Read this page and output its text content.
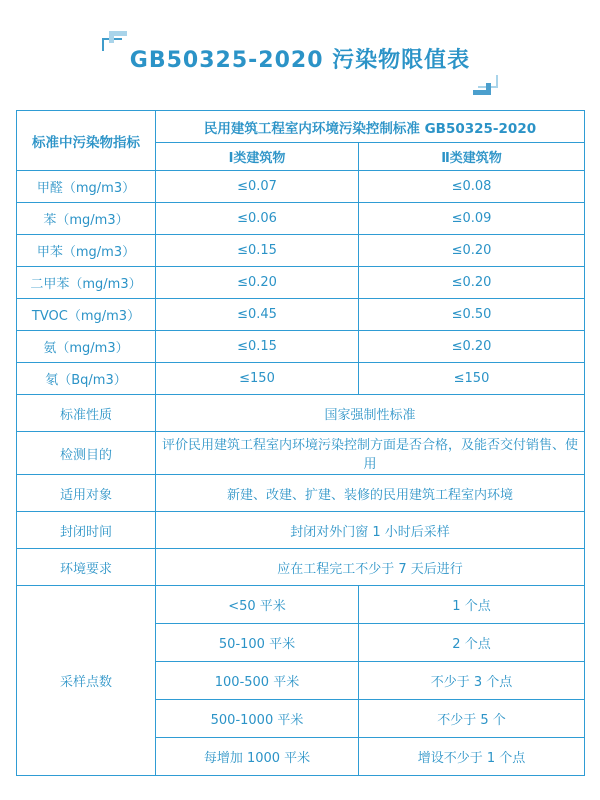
GB50325-2020 污染物限值表
标准中污染物指标	民用建筑工程室内环境污染控制标准 GB50325-2020	
	Ⅰ类建筑物	Ⅱ类建筑物
甲醛（mg/m3）	≤0.07	≤0.08
苯（mg/m3）	≤0.06	≤0.09
甲苯（mg/m3）	≤0.15	≤0.20
二甲苯（mg/m3）	≤0.20	≤0.20
TVOC（mg/m3）	≤0.45	≤0.50
氨（mg/m3）	≤0.15	≤0.20
氡（Bq/m3）	≤150	≤150
标准性质	国家强制性标准	
检测目的	评价民用建筑工程室内环境污染控制方面是否合格，及能否交付销售、使用	
适用对象	新建、改建、扩建、装修的民用建筑工程室内环境	
封闭时间	封闭对外门窗 1 小时后采样	
环境要求	应在工程完工不少于 7 天后进行	
采样点数	<50 平米	1 个点
	50-100 平米	2 个点
	100-500 平米	不少于 3 个点
	500-1000 平米	不少于 5 个
	每增加 1000 平米	增设不少于 1 个点
